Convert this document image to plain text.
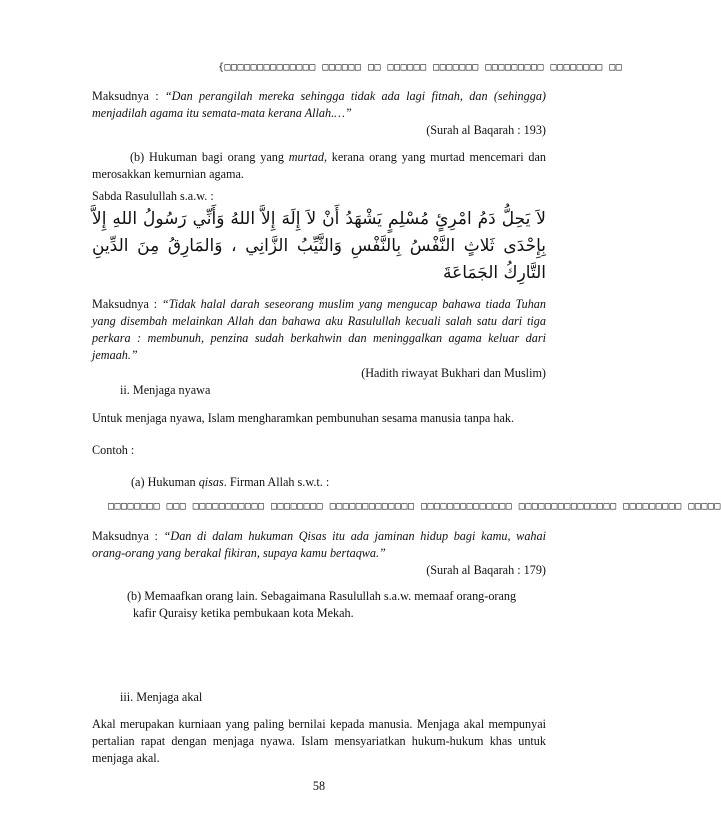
{□□□□□□□□□□□□□□ □□□□□□ □□ □□□□□□ □□□□□□□ □□□□□□□□□ □□□□□□□□ □□
Maksudnya : “Dan perangilah mereka sehingga tidak ada lagi fitnah, dan (sehingga) menjadilah agama itu semata-mata kerana Allah.…”
(Surah al Baqarah : 193)
(b) Hukuman bagi orang yang murtad, kerana orang yang murtad mencemari dan merosakkan kemurnian agama.
Sabda Rasulullah s.a.w. :
لاَ يَحِلُّ دَمُ امْرِئٍ مُسْلِمٍ يَشْهَدُ أَنْ لاَ إِلَهَ إِلاَّ اللهُ وَأَنِّي رَسُولُ اللهِ إِلاَّ بِإِحْدَى ثَلاثٍ النَّفْسُ بِالنَّفْسِ وَالثَّيِّبُ الزَّانِي ، وَالمَارِقُ مِنَ الدِّينِ التَّارِكُ الجَمَاعَةَ
Maksudnya : “Tidak halal darah seseorang muslim yang mengucap bahawa tiada Tuhan yang disembah melainkan Allah dan bahawa aku Rasulullah kecuali salah satu dari tiga perkara : membunuh, penzina sudah berkahwin dan meninggalkan agama keluar dari jemaah.”
(Hadith riwayat Bukhari dan Muslim)
ii. Menjaga nyawa
Untuk menjaga nyawa, Islam mengharamkan pembunuhan sesama manusia tanpa hak.
Contoh :
(a) Hukuman qisas. Firman Allah s.w.t. :
□□□□□□□□ □□□ □□□□□□□□□□□ □□□□□□□□ □□□□□□□□□□□□□ □□□□□□□□□□□□□□ □□□□□□□□□□□□□□□ □□□□□□□□□ □□□□□
Maksudnya : “Dan di dalam hukuman Qisas itu ada jaminan hidup bagi kamu, wahai orang-orang yang berakal fikiran, supaya kamu bertaqwa.”
(Surah al Baqarah : 179)
(b) Memaafkan orang lain. Sebagaimana Rasulullah s.a.w. memaaf orang-orang
kafir Quraisy ketika pembukaan kota Mekah.
iii. Menjaga akal
Akal merupakan kurniaan yang paling bernilai kepada manusia. Menjaga akal mempunyai pertalian rapat dengan menjaga nyawa. Islam mensyariatkan hukum-hukum khas untuk menjaga akal.
58
